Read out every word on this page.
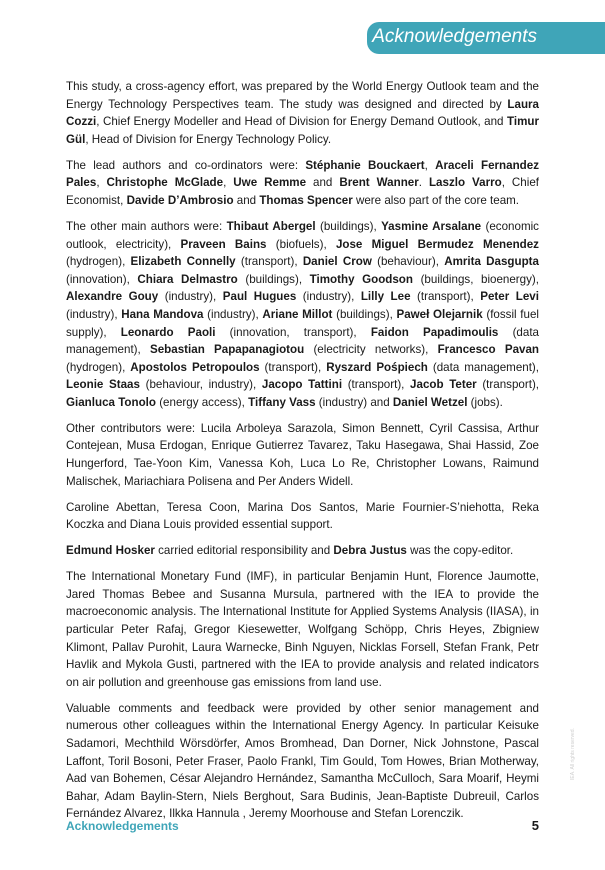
Acknowledgements

This study, a cross-agency effort, was prepared by the World Energy Outlook team and the Energy Technology Perspectives team. The study was designed and directed by Laura Cozzi, Chief Energy Modeller and Head of Division for Energy Demand Outlook, and Timur Gül, Head of Division for Energy Technology Policy.

The lead authors and co-ordinators were: Stéphanie Bouckaert, Araceli Fernandez Pales, Christophe McGlade, Uwe Remme and Brent Wanner. Laszlo Varro, Chief Economist, Davide D’Ambrosio and Thomas Spencer were also part of the core team.

The other main authors were: Thibaut Abergel (buildings), Yasmine Arsalane (economic outlook, electricity), Praveen Bains (biofuels), Jose Miguel Bermudez Menendez (hydrogen), Elizabeth Connelly (transport), Daniel Crow (behaviour), Amrita Dasgupta (innovation), Chiara Delmastro (buildings), Timothy Goodson (buildings, bioenergy), Alexandre Gouy (industry), Paul Hugues (industry), Lilly Lee (transport), Peter Levi (industry), Hana Mandova (industry), Ariane Millot (buildings), Paweł Olejarnik (fossil fuel supply), Leonardo Paoli (innovation, transport), Faidon Papadimoulis (data management), Sebastian Papapanagiotou (electricity networks), Francesco Pavan (hydrogen), Apostolos Petropoulos (transport), Ryszard Pośpiech (data management), Leonie Staas (behaviour, industry), Jacopo Tattini (transport), Jacob Teter (transport), Gianluca Tonolo (energy access), Tiffany Vass (industry) and Daniel Wetzel (jobs).

Other contributors were: Lucila Arboleya Sarazola, Simon Bennett, Cyril Cassisa, Arthur Contejean, Musa Erdogan, Enrique Gutierrez Tavarez, Taku Hasegawa, Shai Hassid, Zoe Hungerford, Tae-Yoon Kim, Vanessa Koh, Luca Lo Re, Christopher Lowans, Raimund Malischek, Mariachiara Polisena and Per Anders Widell.

Caroline Abettan, Teresa Coon, Marina Dos Santos, Marie Fournier-S’niehotta, Reka Koczka and Diana Louis provided essential support.

Edmund Hosker carried editorial responsibility and Debra Justus was the copy-editor.

The International Monetary Fund (IMF), in particular Benjamin Hunt, Florence Jaumotte, Jared Thomas Bebee and Susanna Mursula, partnered with the IEA to provide the macroeconomic analysis. The International Institute for Applied Systems Analysis (IIASA), in particular Peter Rafaj, Gregor Kiesewetter, Wolfgang Schöpp, Chris Heyes, Zbigniew Klimont, Pallav Purohit, Laura Warnecke, Binh Nguyen, Nicklas Forsell, Stefan Frank, Petr Havlik and Mykola Gusti, partnered with the IEA to provide analysis and related indicators on air pollution and greenhouse gas emissions from land use.

Valuable comments and feedback were provided by other senior management and numerous other colleagues within the International Energy Agency. In particular Keisuke Sadamori, Mechthild Wörsdörfer, Amos Bromhead, Dan Dorner, Nick Johnstone, Pascal Laffont, Toril Bosoni, Peter Fraser, Paolo Frankl, Tim Gould, Tom Howes, Brian Motherway, Aad van Bohemen, César Alejandro Hernández, Samantha McCulloch, Sara Moarif, Heymi Bahar, Adam Baylin-Stern, Niels Berghout, Sara Budinis, Jean-Baptiste Dubreuil, Carlos Fernández Alvarez, Ilkka Hannula , Jeremy Moorhouse and Stefan Lorenczik.

Acknowledgements	5
IEA. All rights reserved.
